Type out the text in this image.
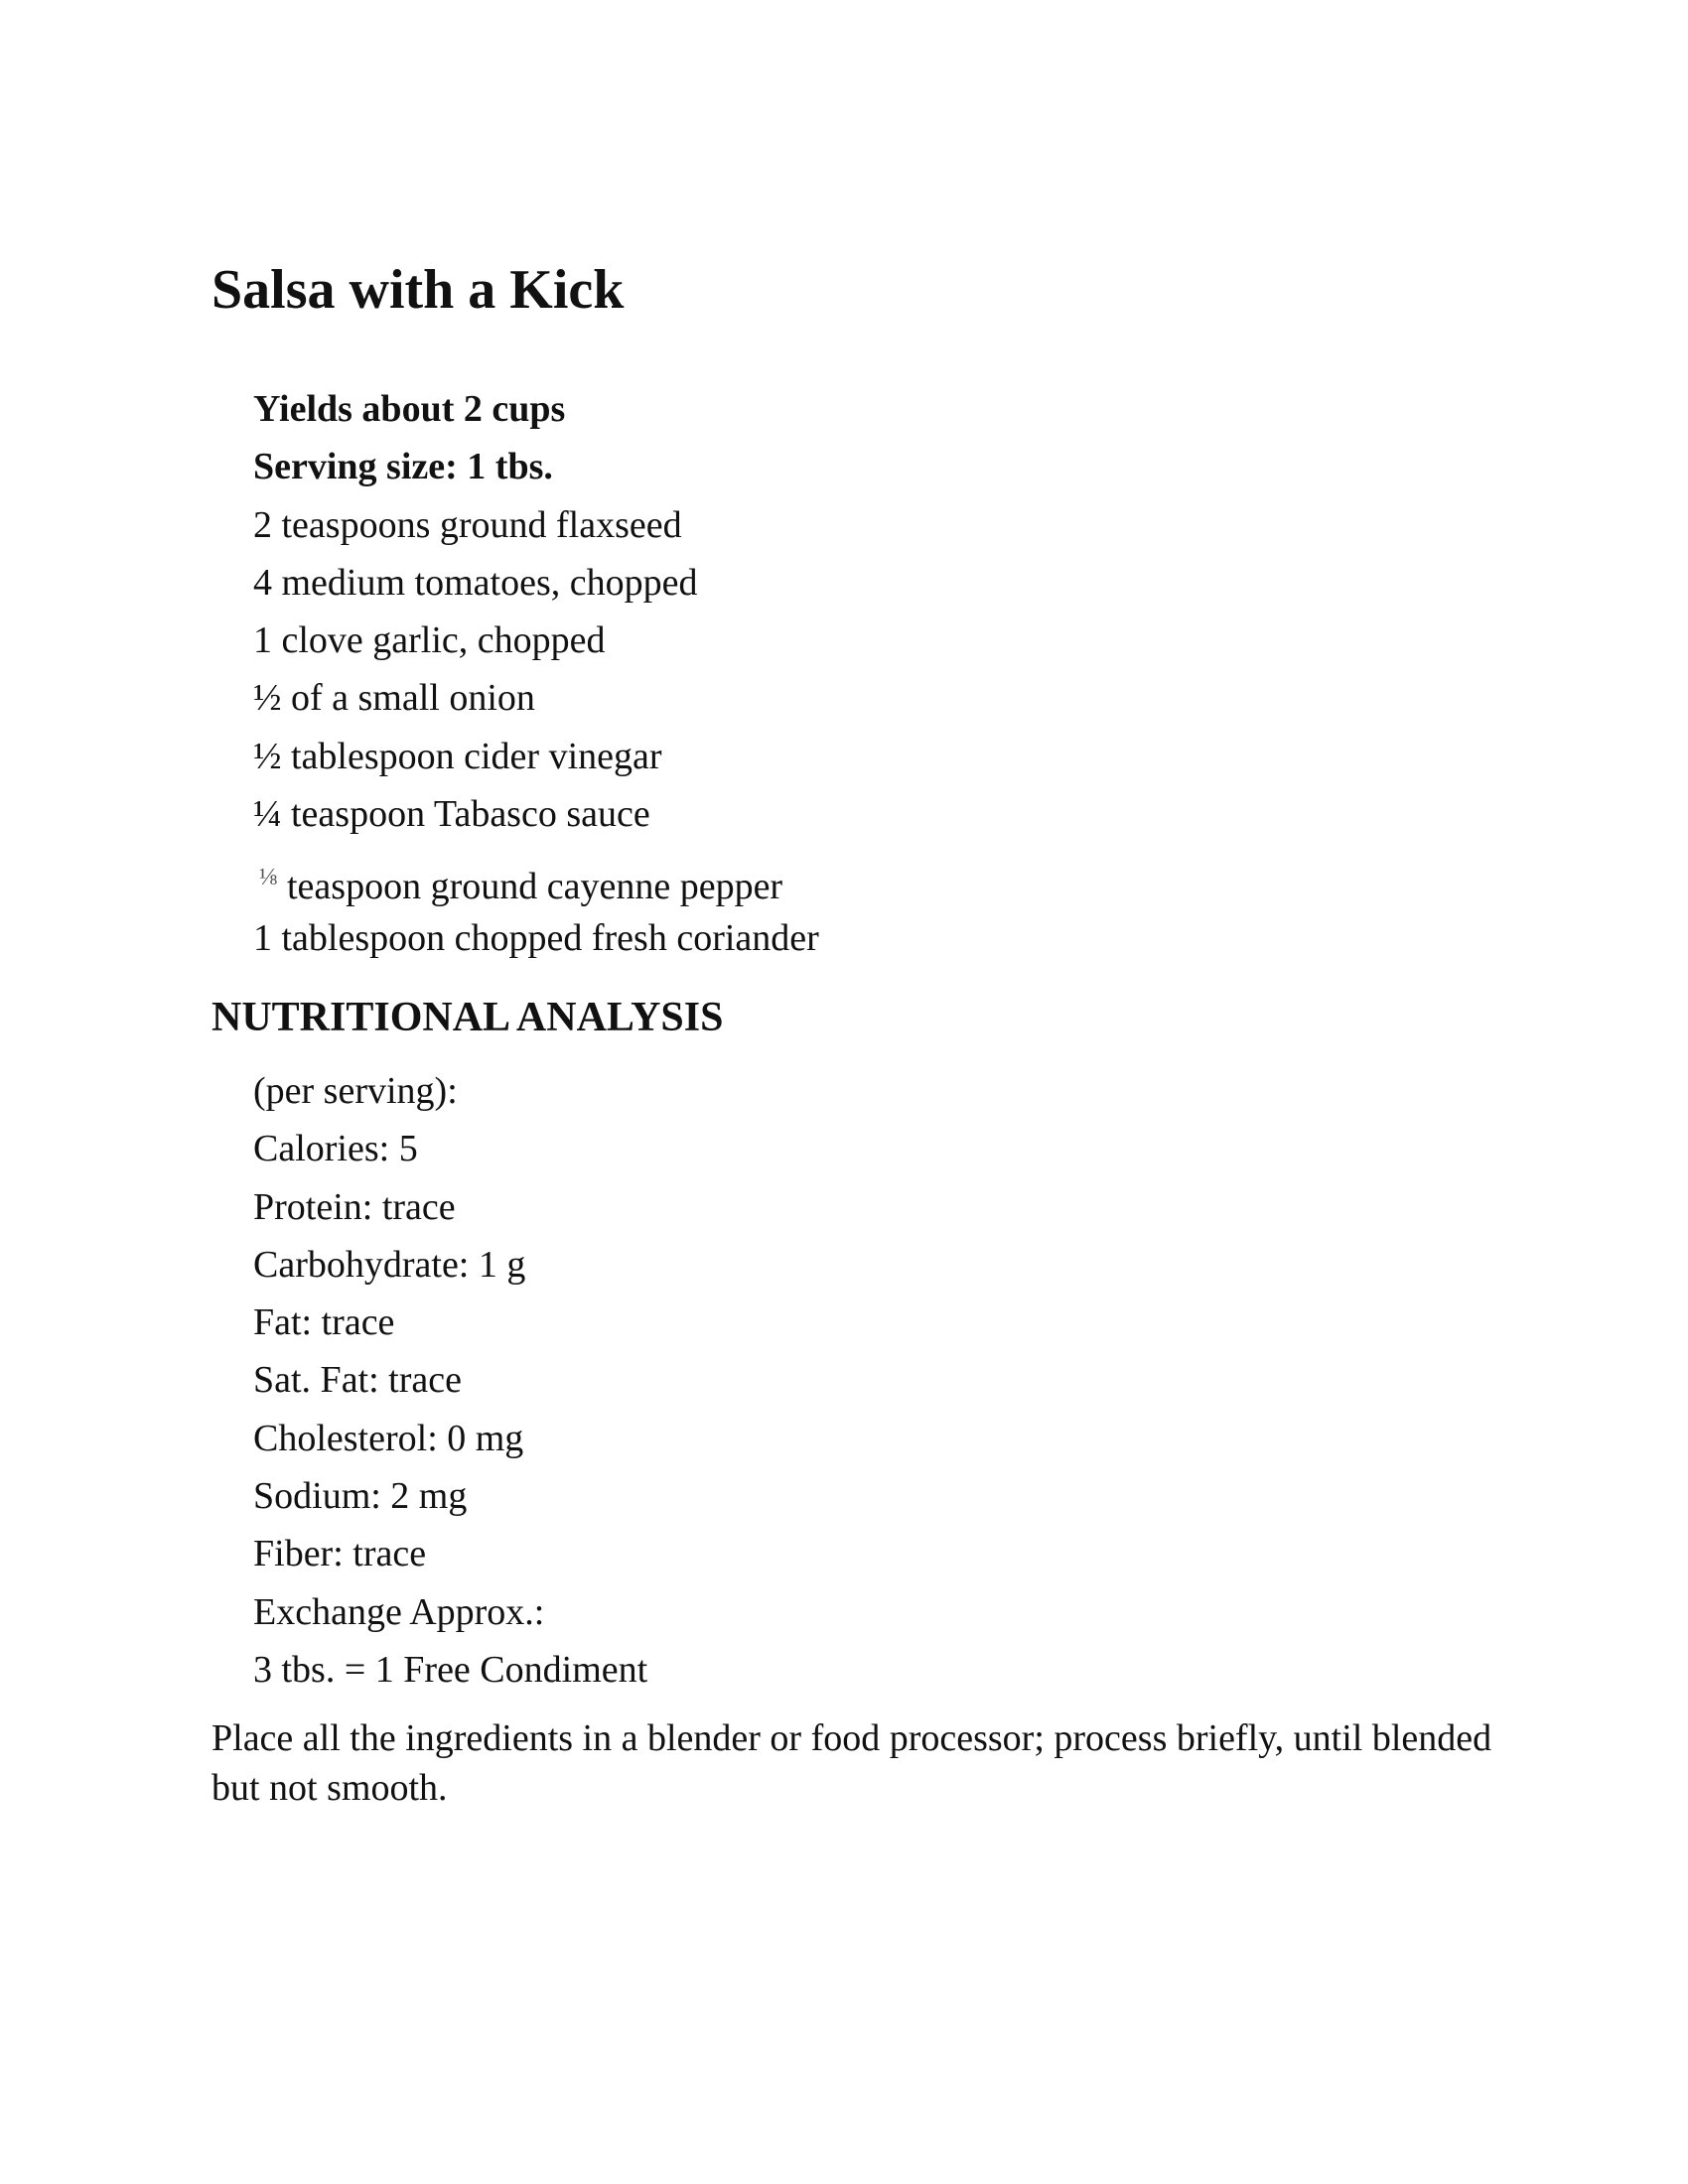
Salsa with a Kick
Yields about 2 cups
Serving size: 1 tbs.
2 teaspoons ground flaxseed
4 medium tomatoes, chopped
1 clove garlic, chopped
½ of a small onion
½ tablespoon cider vinegar
¼ teaspoon Tabasco sauce
$^{\frac{1}{8}}$ teaspoon ground cayenne pepper
1 tablespoon chopped fresh coriander
NUTRITIONAL ANALYSIS
(per serving):
Calories: 5
Protein: trace
Carbohydrate: 1 g
Fat: trace
Sat. Fat: trace
Cholesterol: 0 mg
Sodium: 2 mg
Fiber: trace
Exchange Approx.:
3 tbs. = 1 Free Condiment

Place all the ingredients in a blender or food processor; process briefly, until blended but not smooth.
